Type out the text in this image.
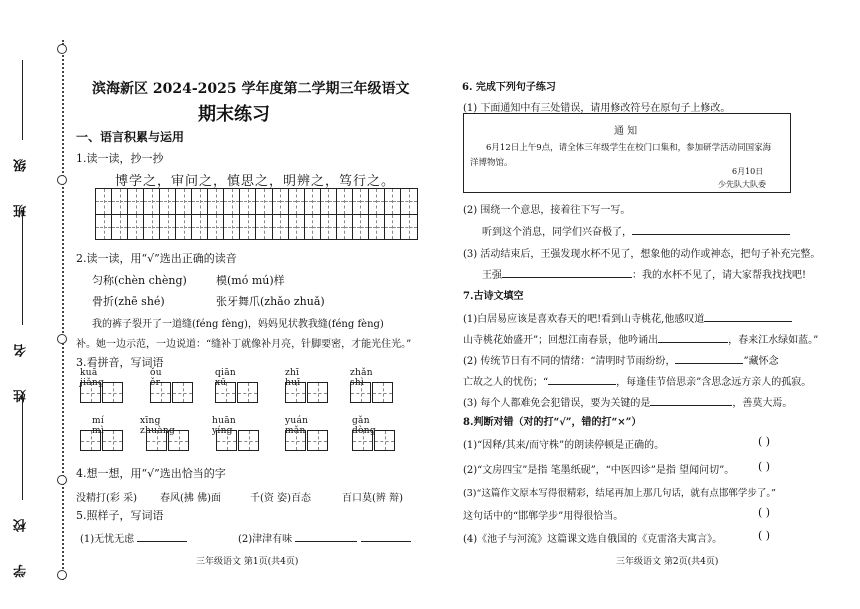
班 级
姓 名
学 校
滨海新区 2024-2025 学年度第二学期三年级语文
期末练习
一、语言积累与运用
1.读一读，抄一抄
博学之，审问之，慎思之，明辨之，笃行之。
2.读一读，用“√”选出正确的读音
匀称(chèn chèng)	模(mó mú)样
骨折(zhē shé)	张牙舞爪(zhǎo zhuǎ)
我的裤子裂开了一道缝(féng fèng)，妈妈见状教我缝(féng fèng)
补。她一边示范，一边说道：“缝补丁就像补月亮，针脚要密，才能光住光。”
3.看拼音，写词语
kuā jiǎng
ǒu ěr
qiān xū
zhī huī
zhǎn shì
mí mì
xīng zhuàng
huān yíng
yuán mǎn
gǎn dòng
4.想一想，用“√”选出恰当的字
没精打(彩 采) 春风(拂 佛)面	千(资 姿)百态	百口莫(辨 辩)
5.照样子，写词语
(1)无忧无虑	(2)津津有味
三年级语文 第1页(共4页)
6. 完成下列句子练习
(1) 下面通知中有三处错误，请用修改符号在原句子上修改。
通 知
6月12日上午9点，请全体三年级学生在校门口集和，参加研学活动同国家海
洋博物馆。
6月10日
少先队大队委
(2) 围绕一个意思，接着往下写一写。
听到这个消息，同学们兴奋极了，
(3) 活动结束后，王强发现水杯不见了，想象他的动作或神态，把句子补充完整。
王强	：我的水杯不见了，请大家帮我找找吧!
7.古诗文填空
(1)白居易应该是喜欢春天的吧!看到山寺桃花,他感叹道
山寺桃花始盛开”；回想江南春景，他吟诵出	，春来江水绿如蓝。”
(2) 传统节日有不同的情绪：“清明时节雨纷纷，	”藏怀念
亡故之人的忧伤；“	，每逢佳节倍思亲”含思念远方亲人的孤寂。
(3) 每个人都难免会犯错误，要为关键的是	，善莫大焉。
8.判断对错（对的打“√”，错的打“×”）
(1)“因释/其来/而守株”的朗读停顿是正确的。	( )
(2)“文房四宝”是指 笔墨纸砚”，“中医四诊”是指 望闻问切”。 ( )
(3)“这篇作文原本写得很精彩，结尾再加上那几句话，就有点邯郸学步了。”
这句话中的“邯郸学步”用得很恰当。	( )
(4)《池子与河流》这篇课文选自俄国的《克雷洛夫寓言》。	( )
三年级语文 第2页(共4页)
